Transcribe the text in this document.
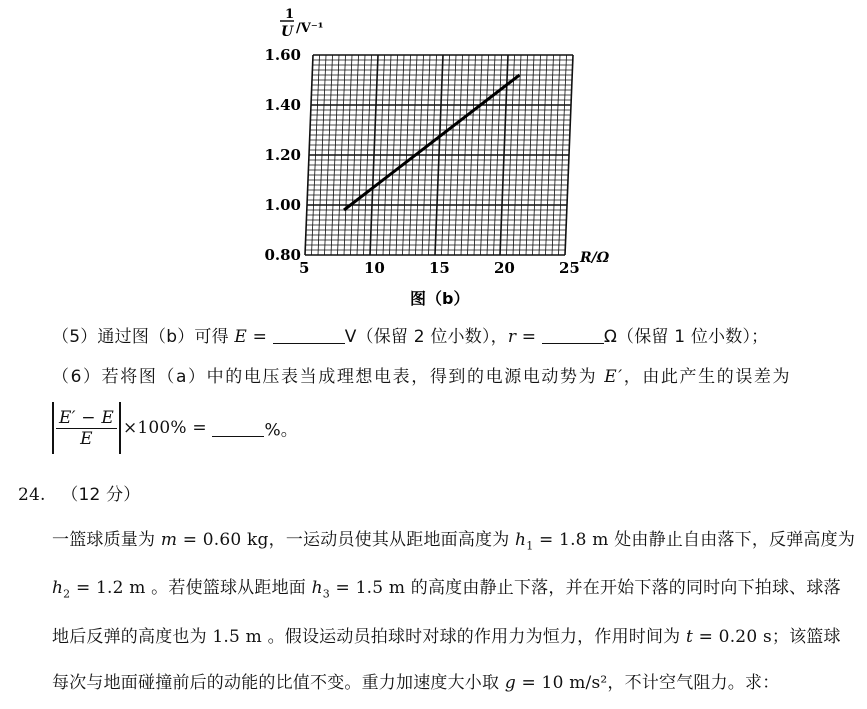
5	10	15	20	25
0.80
1.00
1.20
1.40
1.60
1
U /V⁻¹
R/Ω
图（b）
（5）通过图（b）可得 E =	V（保留 2 位小数），r =	Ω（保留 1 位小数）；
（6）若将图（a）中的电压表当成理想电表，得到的电源电动势为 E′，由此产生的误差为
$\frac{E' - E}{E} \times 100\%$ =	%。
24. （12 分）
一篮球质量为 m = 0.60 kg，一运动员使其从距地面高度为 $h_1 = 1.8$ m 处由静止自由落下，反弹高度为
$h_2 = 1.2$ m 。若使篮球从距地面 $h_3 = 1.5$ m 的高度由静止下落，并在开始下落的同时向下拍球、球落
地后反弹的高度也为 1.5 m 。假设运动员拍球时对球的作用力为恒力，作用时间为 t = 0.20 s；该篮球
每次与地面碰撞前后的动能的比值不变。重力加速度大小取 g = 10 m/s²，不计空气阻力。求：
